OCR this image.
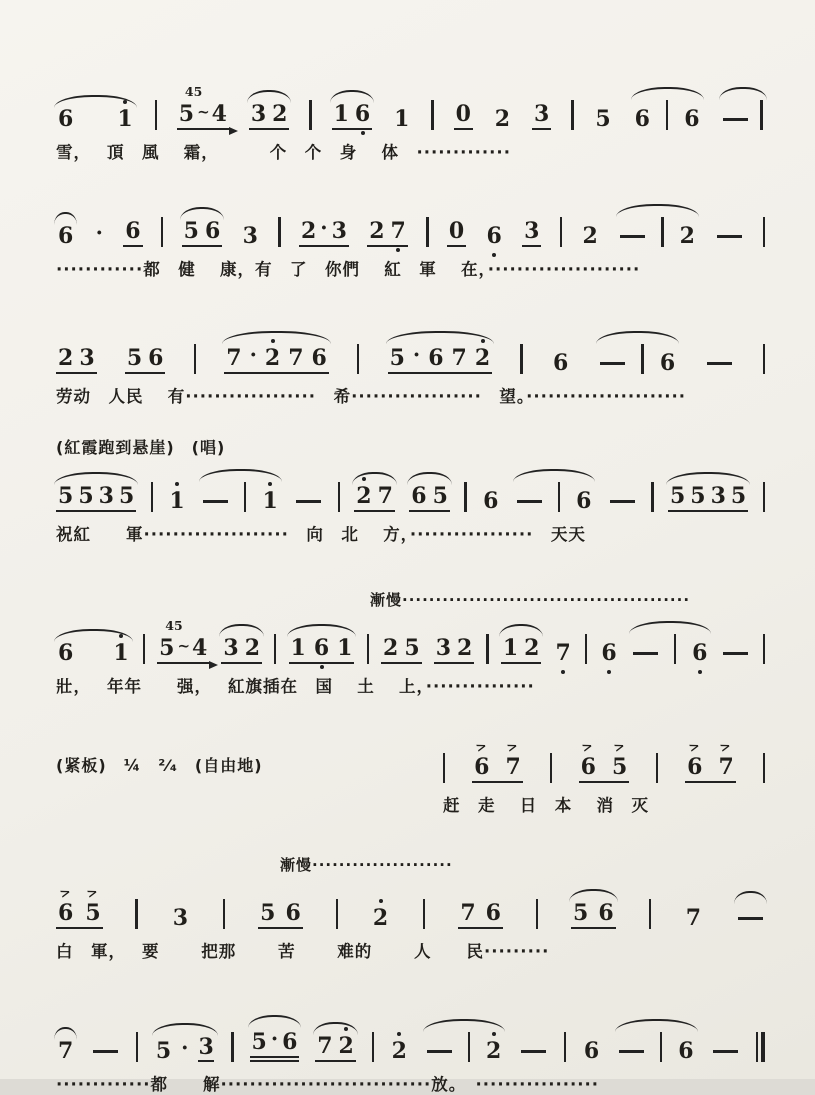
6 1 5
45
~ 4 3 2 1 6 1 0 2 3 5 6 6
雪，　 頂　風　 霜，　　　 个　个　身　 体　·············
6 · 6 5 6 3 2 · 3 2 7 0 6 3 2	2
············都　健　 康，有　了　你們　 紅　軍　 在，·····················
2 3 5 6	7 · 2 7 6	5 · 6 7 2	6	6
劳动　人民　 有··················　希··················　望。······················
(紅霞跑到悬崖)　(唱)
5 5 3 5 1	1	2 7 6 5 6	6	5 5 3 5
祝紅　　軍····················　向　北　 方，·················　天天
漸慢···········································
6 1 5
45
~ 4 3 2 1 6 1 2 5 3 2 1 2 7 6	6
壯，　 年年　　强，　 紅旗插在　国　 土　 上，···············
(紧板)　¼　²⁄₄　(自由地)	6
>
7
>
6
>
5
>
6
>
7
>
赶　走　 日　本　 消　灭
漸慢·····················
6
>
5
>
3	5 6	2	7 6	5 6	7
白　軍，　 要　　 把那　　 苦　　 难的　　 人　　民·········
7	5 · 3 5 · 6 7 2 2	2	6	6
·············都　　解·····························放。　·················
